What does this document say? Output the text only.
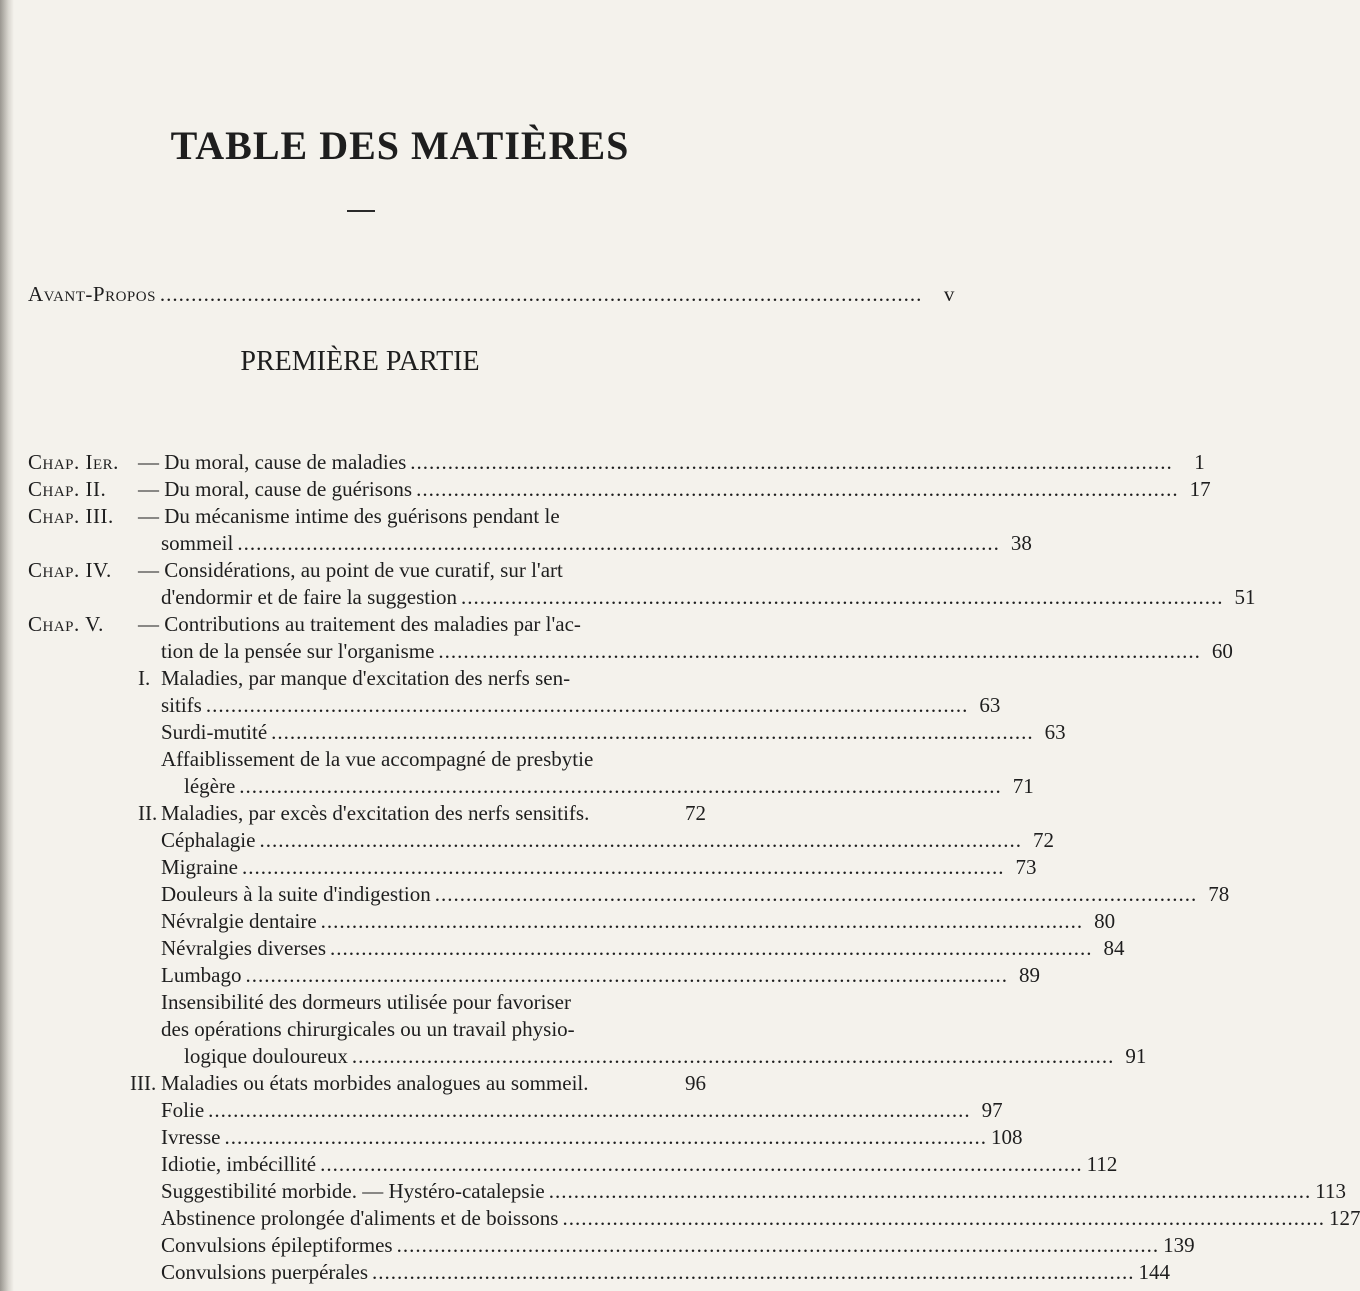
TABLE DES MATIÈRES
Avant-Propos ..........................................................................................................................	v
PREMIÈRE PARTIE
Chap. Ier. — Du moral, cause de maladies ..........................................................................................................................	1
Chap. II. — Du moral, cause de guérisons .......................................................................................................................... 17
Chap. III. — Du mécanisme intime des guérisons pendant le
sommeil .......................................................................................................................... 38
Chap. IV. — Considérations, au point de vue curatif, sur l'art
d'endormir et de faire la suggestion .......................................................................................................................... 51
Chap. V. — Contributions au traitement des maladies par l'ac-
tion de la pensée sur l'organisme .......................................................................................................................... 60
I. Maladies, par manque d'excitation des nerfs sen-
sitifs .......................................................................................................................... 63
Surdi-mutité .......................................................................................................................... 63
Affaiblissement de la vue accompagné de presbytie
légère .......................................................................................................................... 71
II. Maladies, par excès d'excitation des nerfs sensitifs.	72
Céphalagie .......................................................................................................................... 72
Migraine .......................................................................................................................... 73
Douleurs à la suite d'indigestion .......................................................................................................................... 78
Névralgie dentaire .......................................................................................................................... 80
Névralgies diverses .......................................................................................................................... 84
Lumbago .......................................................................................................................... 89
Insensibilité des dormeurs utilisée pour favoriser
des opérations chirurgicales ou un travail physio-
logique douloureux .......................................................................................................................... 91
III. Maladies ou états morbides analogues au sommeil.	96
Folie .......................................................................................................................... 97
Ivresse .......................................................................................................................... 108
Idiotie, imbécillité .......................................................................................................................... 112
Suggestibilité morbide. — Hystéro-catalepsie .......................................................................................................................... 113
Abstinence prolongée d'aliments et de boissons .......................................................................................................................... 127
Convulsions épileptiformes .......................................................................................................................... 139
Convulsions puerpérales .......................................................................................................................... 144
